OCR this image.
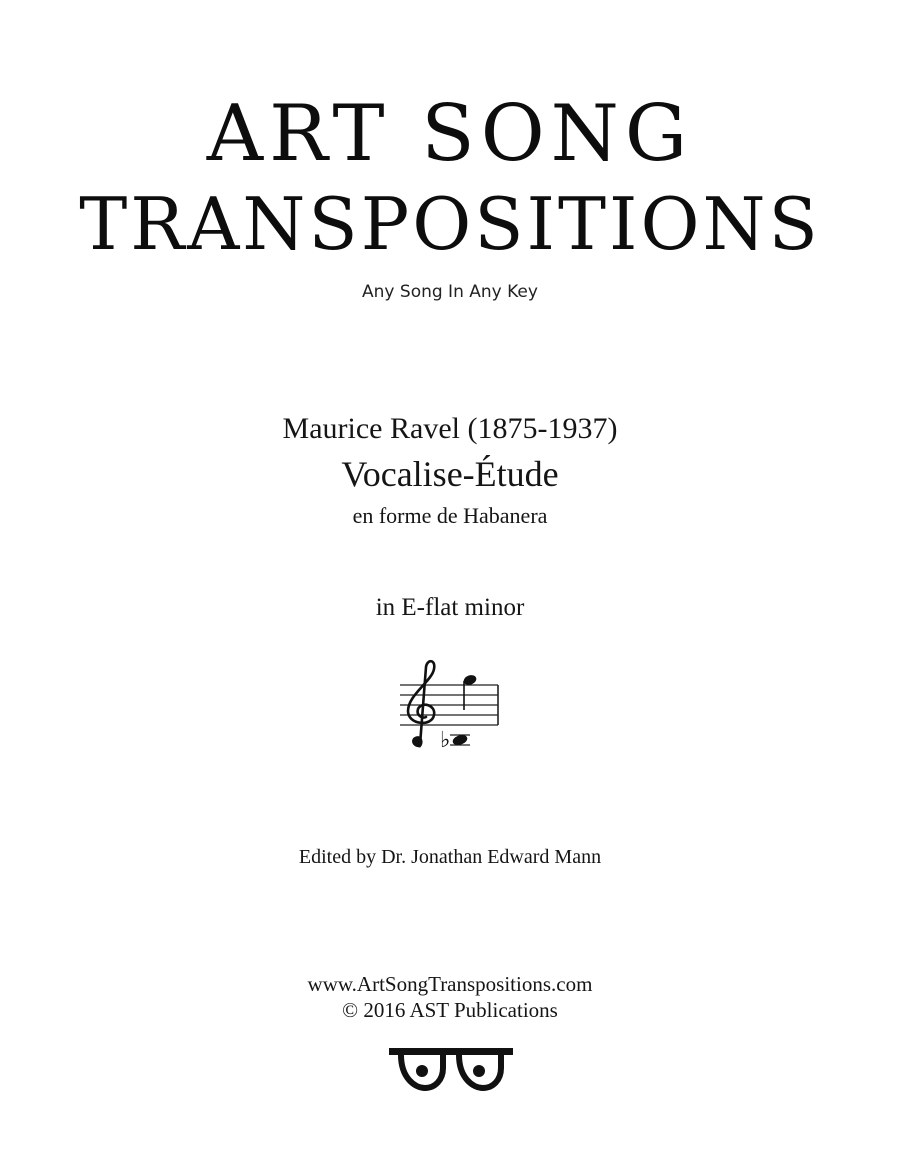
ART SONG
TRANSPOSITIONS
Any Song In Any Key
Maurice Ravel (1875-1937)
Vocalise-Étude
en forme de Habanera
in E-flat minor
♭
Edited by Dr. Jonathan Edward Mann
www.ArtSongTranspositions.com
© 2016 AST Publications
